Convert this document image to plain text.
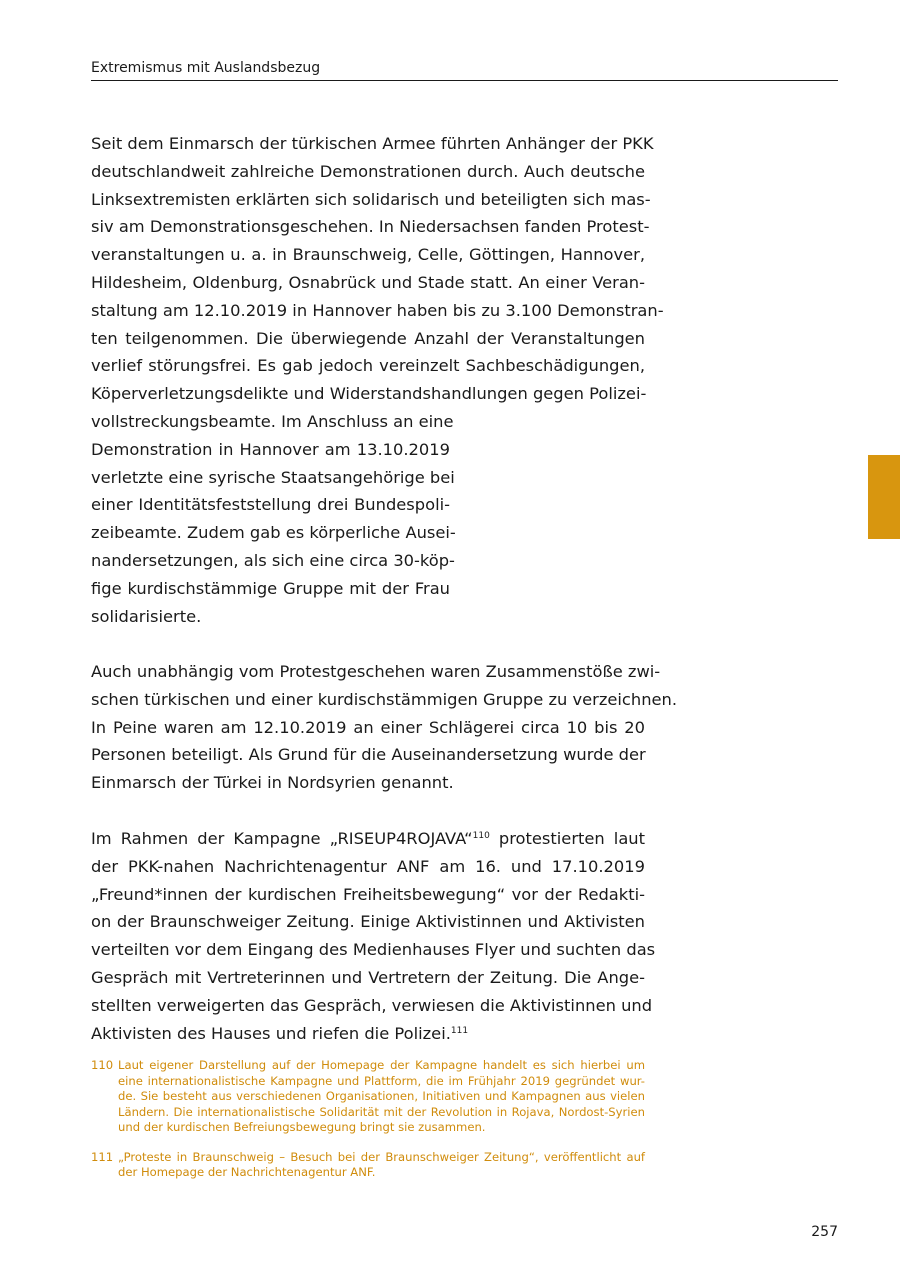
Extremismus mit Auslandsbezug

Seit dem Einmarsch der türkischen Armee führten Anhänger der PKK
deutschlandweit zahlreiche Demonstrationen durch. Auch deutsche
Linksextremisten erklärten sich solidarisch und beteiligten sich mas-
siv am Demonstrationsgeschehen. In Niedersachsen fanden Protest-
veranstaltungen u. a. in Braunschweig, Celle, Göttingen, Hannover,
Hildesheim, Oldenburg, Osnabrück und Stade statt. An einer Veran-
staltung am 12.10.2019 in Hannover haben bis zu 3.100 Demonstran-
ten teilgenommen. Die überwiegende Anzahl der Veranstaltungen
verlief störungsfrei. Es gab jedoch vereinzelt Sachbeschädigungen,
Köperverletzungsdelikte und Widerstandshandlungen gegen Polizei-

vollstreckungsbeamte. Im Anschluss an eine
Demonstration in Hannover am 13.10.2019
verletzte eine syrische Staatsangehörige bei
einer Identitätsfeststellung drei Bundespoli-
zeibeamte. Zudem gab es körperliche Ausei-
nandersetzungen, als sich eine circa 30-köp-
fige kurdischstämmige Gruppe mit der Frau
solidarisierte.

Auch unabhängig vom Protestgeschehen waren Zusammenstöße zwi-
schen türkischen und einer kurdischstämmigen Gruppe zu verzeichnen.
In Peine waren am 12.10.2019 an einer Schlägerei circa 10 bis 20
Personen beteiligt. Als Grund für die Auseinandersetzung wurde der
Einmarsch der Türkei in Nordsyrien genannt.

Im Rahmen der Kampagne „RISEUP4ROJAVA“$^{110}$ protestierten laut
der PKK-nahen Nachrichtenagentur ANF am 16. und 17.10.2019
„Freund*innen der kurdischen Freiheitsbewegung“ vor der Redakti-
on der Braunschweiger Zeitung. Einige Aktivistinnen und Aktivisten
verteilten vor dem Eingang des Medienhauses Flyer und suchten das
Gespräch mit Vertreterinnen und Vertretern der Zeitung. Die Ange-
stellten verweigerten das Gespräch, verwiesen die Aktivistinnen und
Aktivisten des Hauses und riefen die Polizei.$^{111}$

110 Laut eigener Darstellung auf der Homepage der Kampagne handelt es sich hierbei um
eine internationalistische Kampagne und Plattform, die im Frühjahr 2019 gegründet wur-
de. Sie besteht aus verschiedenen Organisationen, Initiativen und Kampagnen aus vielen
Ländern. Die internationalistische Solidarität mit der Revolution in Rojava, Nordost-Syrien
und der kurdischen Befreiungsbewegung bringt sie zusammen.
111 „Proteste in Braunschweig – Besuch bei der Braunschweiger Zeitung“, veröffentlicht auf
der Homepage der Nachrichtenagentur ANF.
257
